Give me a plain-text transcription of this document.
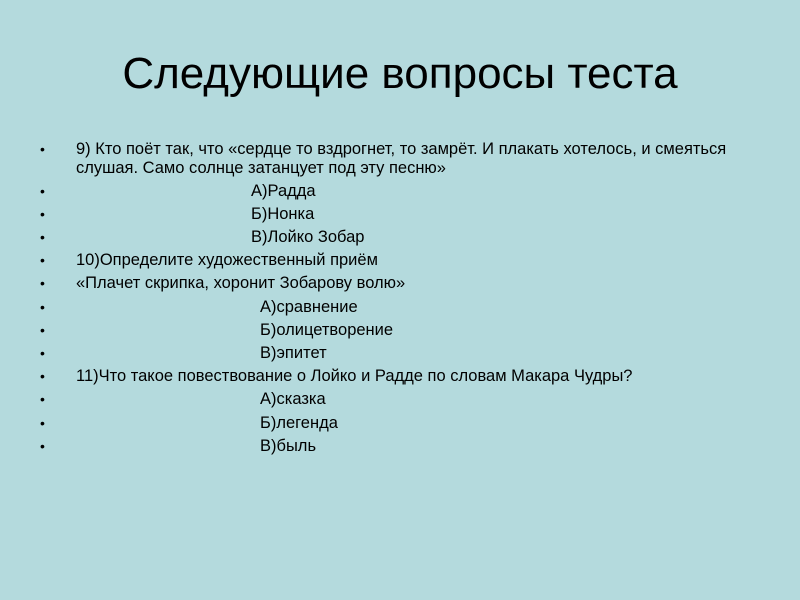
Следующие вопросы теста
• 9) Кто поёт так, что «сердце то вздрогнет, то замрёт. И плакать хотелось, и смеяться слушая. Само солнце затанцует под эту песню»
•	А)Радда
•	Б)Нонка
•	В)Лойко Зобар
• 10)Определите художественный приём
• «Плачет скрипка, хоронит Зобарову волю»
•	А)сравнение
•	Б)олицетворение
•	В)эпитет
• 11)Что такое повествование о Лойко и Радде по словам Макара Чудры?
•	А)сказка
•	Б)легенда
•	В)быль
